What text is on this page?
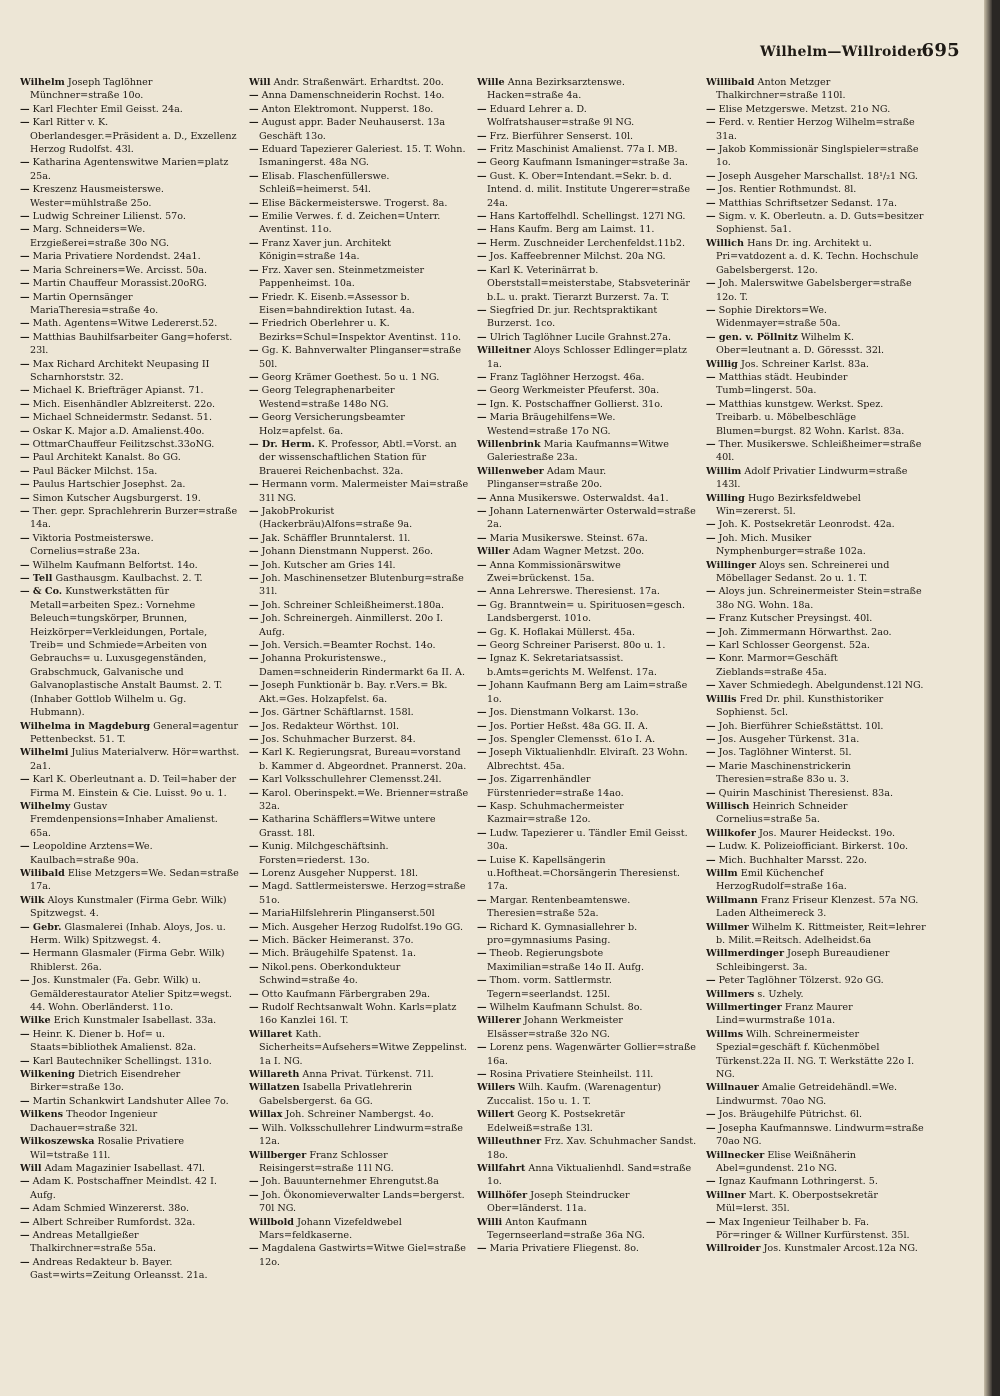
Wilhelm—Willroider.
695

Wilhelm Joseph Taglöhner Münchner=straße 10o.

— Karl Flechter Emil Geisst. 24a.

— Karl Ritter v. K. Oberlandesger.=Präsident a. D., Exzellenz Herzog Rudolfst. 43l.

— Katharina Agentenswitwe Marien=platz 25a.

— Kreszenz Hausmeisterswe. Wester=mühlstraße 25o.

— Ludwig Schreiner Lilienst. 57o.

— Marg. Schneiders=We. Erzgießerei=straße 30o NG.

— Maria Privatiere Nordendst. 24a1.

— Maria Schreiners=We. Arcisst. 50a.

— Martin Chauffeur Morassist.20oRG.

— Martin Opernsänger MariaTheresia=straße 4o.

— Math. Agentens=Witwe Ledererst.52.

— Matthias Bauhilfsarbeiter Gang=hoferst. 23l.

— Max Richard Architekt Neupasing II Scharnhorststr. 32.

— Michael K. Briefträger Apianst. 71.

— Mich. Eisenhändler Ablzreiterst. 22o.

— Michael Schneidermstr. Sedanst. 51.

— Oskar K. Major a.D. Amalienst.40o.

— OttmarChauffeur Feilitzschst.33oNG.

— Paul Architekt Kanalst. 8o GG.

— Paul Bäcker Milchst. 15a.

— Paulus Hartschier Josephst. 2a.

— Simon Kutscher Augsburgerst. 19.

— Ther. gepr. Sprachlehrerin Burzer=straße 14a.

— Viktoria Postmeisterswe. Cornelius=straße 23a.

— Wilhelm Kaufmann Belfortst. 14o.

— Tell Gasthausgm. Kaulbachst. 2. T.

— & Co. Kunstwerkstätten für Metall=arbeiten Spez.: Vornehme Beleuch=tungskörper, Brunnen, Heizkörper=Verkleidungen, Portale, Treib= und Schmiede=Arbeiten von Gebrauchs= u. Luxusgegenständen, Grabschmuck, Galvanische und Galvanoplastische Anstalt Baumst. 2. T. (Inhaber Gottlob Wilhelm u. Gg. Hubmann).

Wilhelma in Magdeburg General=agentur Pettenbeckst. 51. T.

Wilhelmi Julius Materialverw. Hör=warthst. 2a1.

— Karl K. Oberleutnant a. D. Teil=haber der Firma M. Einstein & Cie. Luisst. 9o u. 1.

Wilhelmy Gustav Fremdenpensions=Inhaber Amalienst. 65a.

— Leopoldine Arztens=We. Kaulbach=straße 90a.

Wilibald Elise Metzgers=We. Sedan=straße 17a.

Wilk Aloys Kunstmaler (Firma Gebr. Wilk) Spitzwegst. 4.

— Gebr. Glasmalerei (Inhab. Aloys, Jos. u. Herm. Wilk) Spitzwegst. 4.

— Hermann Glasmaler (Firma Gebr. Wilk) Rhiblerst. 26a.

— Jos. Kunstmaler (Fa. Gebr. Wilk) u. Gemälderestaurator Atelier Spitz=wegst. 44. Wohn. Oberländerst. 11o.

Wilke Erich Kunstmaler Isabellast. 33a.

— Heinr. K. Diener b. Hof= u. Staats=bibliothek Amalienst. 82a.

— Karl Bautechniker Schellingst. 131o.

Wilkening Dietrich Eisendreher Birker=straße 13o.

— Martin Schankwirt Landshuter Allee 7o.

Wilkens Theodor Ingenieur Dachauer=straße 32l.

Wilkoszewska Rosalie Privatiere Wil=tstraße 11l.

Will Adam Magazinier Isabellast. 47l.

— Adam K. Postschaffner Meindlst. 42 I. Aufg.

— Adam Schmied Winzererst. 38o.

— Albert Schreiber Rumfordst. 32a.

— Andreas Metallgießer Thalkirchner=straße 55a.

— Andreas Redakteur b. Bayer. Gast=wirts=Zeitung Orleansst. 21a.

Will Andr. Straßenwärt. Erhardtst. 20o.

— Anna Damenschneiderin Rochst. 14o.

— Anton Elektromont. Nupperst. 18o.

— August appr. Bader Neuhauserst. 13a Geschäft 13o.

— Eduard Tapezierer Galeriest. 15. T. Wohn. Ismaningerst. 48a NG.

— Elisab. Flaschenfüllerswe. Schleiß=heimerst. 54l.

— Elise Bäckermeisterswe. Trogerst. 8a.

— Emilie Verwes. f. d. Zeichen=Unterr. Aventinst. 11o.

— Franz Xaver jun. Architekt Königin=straße 14a.

— Frz. Xaver sen. Steinmetzmeister Pappenheimst. 10a.

— Friedr. K. Eisenb.=Assessor b. Eisen=bahndirektion Iutast. 4a.

— Friedrich Oberlehrer u. K. Bezirks=Schul=Inspektor Aventinst. 11o.

— Gg. K. Bahnverwalter Plinganser=straße 50l.

— Georg Krämer Goethest. 5o u. 1 NG.

— Georg Telegraphenarbeiter Westend=straße 148o NG.

— Georg Versicherungsbeamter Holz=apfelst. 6a.

— Dr. Herm. K. Professor, Abtl.=Vorst. an der wissenschaftlichen Station für Brauerei Reichenbachst. 32a.

— Hermann vorm. Malermeister Mai=straße 31l NG.

— JakobProkurist (Hackerbräu)Alfons=straße 9a.

— Jak. Schäffler Brunntalerst. 1l.

— Johann Dienstmann Nupperst. 26o.

— Joh. Kutscher am Gries 14l.

— Joh. Maschinensetzer Blutenburg=straße 31l.

— Joh. Schreiner Schleißheimerst.180a.

— Joh. Schreinergeh. Ainmillerst. 20o I. Aufg.

— Joh. Versich.=Beamter Rochst. 14o.

— Johanna Prokuristenswe., Damen=schneiderin Rindermarkt 6a II. A.

— Joseph Funktionär b. Bay. r.Vers.= Bk. Akt.=Ges. Holzapfelst. 6a.

— Jos. Gärtner Schäftlarnst. 158l.

— Jos. Redakteur Wörthst. 10l.

— Jos. Schuhmacher Burzerst. 84.

— Karl K. Regierungsrat, Bureau=vorstand b. Kammer d. Abgeordnet. Prannerst. 20a.

— Karl Volksschullehrer Clemensst.24l.

— Karol. Oberinspekt.=We. Brienner=straße 32a.

— Katharina Schäfflers=Witwe untere Grasst. 18l.

— Kunig. Milchgeschäftsinh. Forsten=riederst. 13o.

— Lorenz Ausgeher Nupperst. 18l.

— Magd. Sattlermeisterswe. Herzog=straße 51o.

— MariaHilfslehrerin Plinganserst.50l

— Mich. Ausgeher Herzog Rudolfst.19o GG.

— Mich. Bäcker Heimeranst. 37o.

— Mich. Bräugehilfe Spatenst. 1a.

— Nikol.pens. Oberkondukteur Schwind=straße 4o.

— Otto Kaufmann Färbergraben 29a.

— Rudolf Rechtsanwalt Wohn. Karls=platz 16o Kanzlei 16l. T.

Willaret Kath. Sicherheits=Aufsehers=Witwe Zeppelinst. 1a I. NG.

Willareth Anna Privat. Türkenst. 71l.

Willatzen Isabella Privatlehrerin Gabelsbergerst. 6a GG.

Willax Joh. Schreiner Nambergst. 4o.

— Wilh. Volksschullehrer Lindwurm=straße 12a.

Willberger Franz Schlosser Reisingerst=straße 11l NG.

— Joh. Bauunternehmer Ehrengutst.8a

— Joh. Ökonomieverwalter Lands=bergerst. 70l NG.

Willbold Johann Vizefeldwebel Mars=feldkaserne.

— Magdalena Gastwirts=Witwe Giel=straße 12o.

Wille Anna Bezirksarztenswe. Hacken=straße 4a.

— Eduard Lehrer a. D. Wolfratshauser=straße 9l NG.

— Frz. Bierführer Senserst. 10l.

— Fritz Maschinist Amalienst. 77a I. MB.

— Georg Kaufmann Ismaninger=straße 3a.

— Gust. K. Ober=Intendant.=Sekr. b. d. Intend. d. milit. Institute Ungerer=straße 24a.

— Hans Kartoffelhdl. Schellingst. 127l NG.

— Hans Kaufm. Berg am Laimst. 11.

— Herm. Zuschneider Lerchenfeldst.11b2.

— Jos. Kaffeebrenner Milchst. 20a NG.

— Karl K. Veterinärrat b. Oberststall=meisterstabe, Stabsveterinär b.L. u. prakt. Tierarzt Burzerst. 7a. T.

— Siegfried Dr. jur. Rechtspraktikant Burzerst. 1co.

— Ulrich Taglöhner Lucile Grahnst.27a.

Willeitner Aloys Schlosser Edlinger=platz 1a.

— Franz Taglöhner Herzogst. 46a.

— Georg Werkmeister Pfeuferst. 30a.

— Ign. K. Postschaffner Gollierst. 31o.

— Maria Bräugehilfens=We. Westend=straße 17o NG.

Willenbrink Maria Kaufmanns=Witwe Galeriestraße 23a.

Willenweber Adam Maur. Plinganser=straße 20o.

— Anna Musikerswe. Osterwaldst. 4a1.

— Johann Laternenwärter Osterwald=straße 2a.

— Maria Musikerswe. Steinst. 67a.

Willer Adam Wagner Metzst. 20o.

— Anna Kommissionärswitwe Zwei=brückenst. 15a.

— Anna Lehrerswe. Theresienst. 17a.

— Gg. Branntwein= u. Spirituosen=gesch. Landsbergerst. 101o.

— Gg. K. Hoflakai Müllerst. 45a.

— Georg Schreiner Pariserst. 80o u. 1.

— Ignaz K. Sekretariatsassist. b.Amts=gerichts M. Welfenst. 17a.

— Johann Kaufmann Berg am Laim=straße 1o.

— Jos. Dienstmann Volkarst. 13o.

— Jos. Portier Heßst. 48a GG. II. A.

— Jos. Spengler Clemensst. 61o I. A.

— Joseph Viktualienhdlr. Elviraſt. 23 Wohn. Albrechtst. 45a.

— Jos. Zigarrenhändler Fürstenrieder=straße 14ao.

— Kasp. Schuhmachermeister Kazmair=straße 12o.

— Ludw. Tapezierer u. Tändler Emil Geisst. 30a.

— Luise K. Kapellsängerin u.Hoftheat.=Chorsängerin Theresienst. 17a.

— Margar. Rentenbeamtenswe. Theresien=straße 52a.

— Richard K. Gymnasiallehrer b. pro=gymnasiums Pasing.

— Theob. Regierungsbote Maximilian=straße 14o II. Aufg.

— Thom. vorm. Sattlermstr. Tegern=seerlandst. 125l.

— Wilhelm Kaufmann Schulst. 8o.

Willerer Johann Werkmeister Elsässer=straße 32o NG.

— Lorenz pens. Wagenwärter Gollier=straße 16a.

— Rosina Privatiere Steinheilst. 11l.

Willers Wilh. Kaufm. (Warenagentur) Zuccalist. 15o u. 1. T.

Willert Georg K. Postsekretär Edelweiß=straße 13l.

Willeuthner Frz. Xav. Schuhmacher Sandst. 18o.

Willfahrt Anna Viktualienhdl. Sand=straße 1o.

Willhöfer Joseph Steindrucker Ober=länderst. 11a.

Willi Anton Kaufmann Tegernseerland=straße 36a NG.

— Maria Privatiere Fliegenst. 8o.

Willibald Anton Metzger Thalkirchner=straße 110l.

— Elise Metzgerswe. Metzst. 21o NG.

— Ferd. v. Rentier Herzog Wilhelm=straße 31a.

— Jakob Kommissionär Singlspieler=straße 1o.

— Joseph Ausgeher Marschallst. 18¹/₂1 NG.

— Jos. Rentier Rothmundst. 8l.

— Matthias Schriftsetzer Sedanst. 17a.

— Sigm. v. K. Oberleutn. a. D. Guts=besitzer Sophienst. 5a1.

Willich Hans Dr. ing. Architekt u. Pri=vatdozent a. d. K. Techn. Hochschule Gabelsbergerst. 12o.

— Joh. Malerswitwe Gabelsberger=straße 12o. T.

— Sophie Direktors=We. Widenmayer=straße 50a.

— gen. v. Pöllnitz Wilhelm K. Ober=leutnant a. D. Göressst. 32l.

Willig Jos. Schreiner Karlst. 83a.

— Matthias städt. Heubinder Tumb=lingerst. 50a.

— Matthias kunstgew. Werkst. Spez. Treibarb. u. Möbelbeschläge Blumen=burgst. 82 Wohn. Karlst. 83a.

— Ther. Musikerswe. Schleißheimer=straße 40l.

Willim Adolf Privatier Lindwurm=straße 143l.

Willing Hugo Bezirksfeldwebel Win=zererst. 5l.

— Joh. K. Postsekretär Leonrodst. 42a.

— Joh. Mich. Musiker Nymphenburger=straße 102a.

Willinger Aloys sen. Schreinerei und Möbellager Sedanst. 2o u. 1. T.

— Aloys jun. Schreinermeister Stein=straße 38o NG. Wohn. 18a.

— Franz Kutscher Preysingst. 40l.

— Joh. Zimmermann Hörwarthst. 2ao.

— Karl Schlosser Georgenst. 52a.

— Konr. Marmor=Geschäft Zieblands=straße 45a.

— Xaver Schmiedegh. Abelgundenst.12l NG.

Willis Fred Dr. phil. Kunsthistoriker Sophienst. 5cl.

— Joh. Bierführer Schießstättst. 10l.

— Jos. Ausgeher Türkenst. 31a.

— Jos. Taglöhner Winterst. 5l.

— Marie Maschinenstrickerin Theresien=straße 83o u. 3.

— Quirin Maschinist Theresienst. 83a.

Willisch Heinrich Schneider Cornelius=straße 5a.

Willkofer Jos. Maurer Heideckst. 19o.

— Ludw. K. Polizeiofficiant. Birkerst. 10o.

— Mich. Buchhalter Marsst. 22o.

Willm Emil Küchenchef HerzogRudolf=straße 16a.

Willmann Franz Friseur Klenzest. 57a NG. Laden Altheimereck 3.

Willmer Wilhelm K. Rittmeister, Reit=lehrer b. Milit.=Reitsch. Adelheidst.6a

Willmerdinger Joseph Bureaudiener Schleibingerst. 3a.

— Peter Taglöhner Tölzerst. 92o GG.

Willmers s. Uzhely.

Willmertinger Franz Maurer Lind=wurmstraße 101a.

Willms Wilh. Schreinermeister Spezial=geschäft f. Küchenmöbel Türkenst.22a II. NG. T. Werkstätte 22o I. NG.

Willnauer Amalie Getreidehändl.=We. Lindwurmst. 70ao NG.

— Jos. Bräugehilfe Pütrichst. 6l.

— Josepha Kaufmannswe. Lindwurm=straße 70ao NG.

Willnecker Elise Weißnäherin Abel=gundenst. 21o NG.

— Ignaz Kaufmann Lothringerst. 5.

Willner Mart. K. Oberpostsekretär Mül=lerst. 35l.

— Max Ingenieur Teilhaber b. Fa. Pör=ringer & Willner Kurfürstenst. 35l.

Willroider Jos. Kunstmaler Arcost.12a NG.
